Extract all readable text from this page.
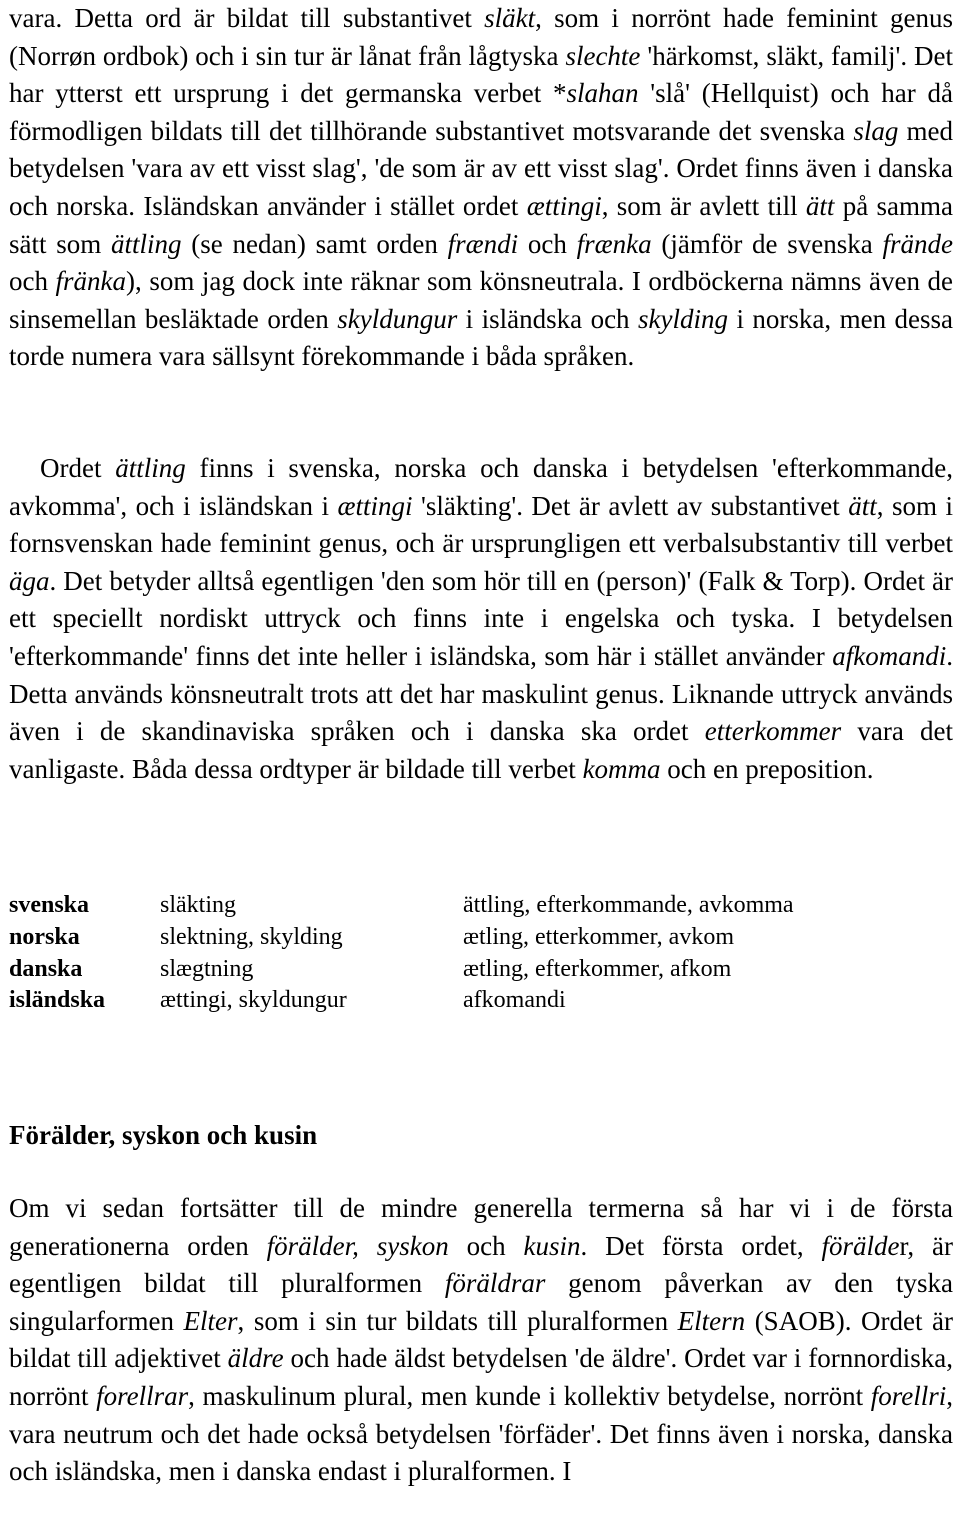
vara. Detta ord är bildat till substantivet släkt, som i norrönt hade feminint genus (Norrøn ordbok) och i sin tur är lånat från lågtyska slechte 'härkomst, släkt, familj'. Det har ytterst ett ursprung i det germanska verbet *slahan 'slå' (Hellquist) och har då förmodligen bildats till det tillhörande substantivet motsvarande det svenska slag med betydelsen 'vara av ett visst slag', 'de som är av ett visst slag'. Ordet finns även i danska och norska. Isländskan använder i stället ordet ættingi, som är avlett till ätt på samma sätt som ättling (se nedan) samt orden frændi och frænka (jämför de svenska frände och fränka), som jag dock inte räknar som könsneutrala. I ordböckerna nämns även de sinsemellan besläktade orden skyldungur i isländska och skylding i norska, men dessa torde numera vara sällsynt förekommande i båda språken.

Ordet ättling finns i svenska, norska och danska i betydelsen 'efterkommande, avkomma', och i isländskan i ættingi 'släkting'. Det är avlett av substantivet ätt, som i fornsvenskan hade feminint genus, och är ursprungligen ett verbalsubstantiv till verbet äga. Det betyder alltså egentligen 'den som hör till en (person)' (Falk & Torp). Ordet är ett speciellt nordiskt uttryck och finns inte i engelska och tyska. I betydelsen 'efterkommande' finns det inte heller i isländska, som här i stället använder afkomandi. Detta används könsneutralt trots att det har maskulint genus. Liknande uttryck används även i de skandinaviska språken och i danska ska ordet etterkommer vara det vanligaste. Båda dessa ordtyper är bildade till verbet komma och en preposition.

svenska	släkting	ättling, efterkommande, avkomma
norska	slektning, skylding	ætling, etterkommer, avkom
danska	slægtning	ætling, efterkommer, afkom
isländska	ættingi, skyldungur	afkomandi
Förälder, syskon och kusin

Om vi sedan fortsätter till de mindre generella termerna så har vi i de första generationerna orden förälder, syskon och kusin. Det första ordet, föräldеr, är egentligen bildat till pluralformen föräldrar genom påverkan av den tyska singularformen Elter, som i sin tur bildats till pluralformen Eltern (SAOB). Ordet är bildat till adjektivet äldre och hade äldst betydelsen 'de äldre'. Ordet var i fornnordiska, norrönt forellrar, maskulinum plural, men kunde i kollektiv betydelse, norrönt forellri, vara neutrum och det hade också betydelsen 'förfäder'. Det finns även i norska, danska och isländska, men i danska endast i pluralformen. I
